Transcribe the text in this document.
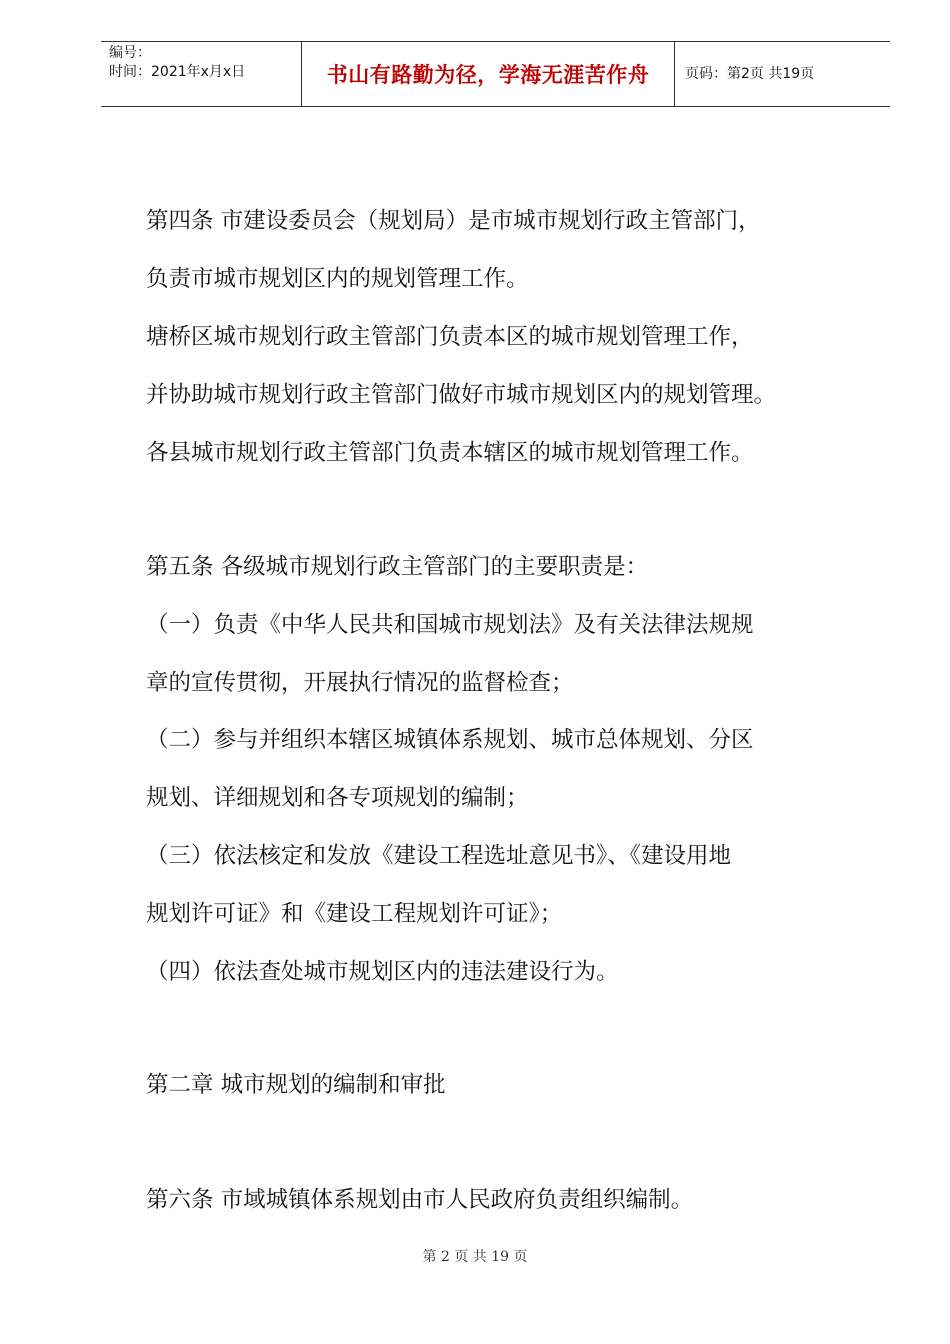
编号：
时间：2021年x月x日	书山有路勤为径，学海无涯苦作舟	页码：第2页 共19页
第四条 市建设委员会（规划局）是市城市规划行政主管部门，
负责市城市规划区内的规划管理工作。
塘桥区城市规划行政主管部门负责本区的城市规划管理工作，
并协助城市规划行政主管部门做好市城市规划区内的规划管理。
各县城市规划行政主管部门负责本辖区的城市规划管理工作。
第五条 各级城市规划行政主管部门的主要职责是：
（一）负责《中华人民共和国城市规划法》及有关法律法规规
章的宣传贯彻，开展执行情况的监督检查；
（二）参与并组织本辖区城镇体系规划、城市总体规划、分区
规划、详细规划和各专项规划的编制；
（三）依法核定和发放《建设工程选址意见书》、《建设用地
规划许可证》和《建设工程规划许可证》；
（四）依法查处城市规划区内的违法建设行为。
第二章 城市规划的编制和审批
第六条 市域城镇体系规划由市人民政府负责组织编制。
第 2 页 共 19 页
